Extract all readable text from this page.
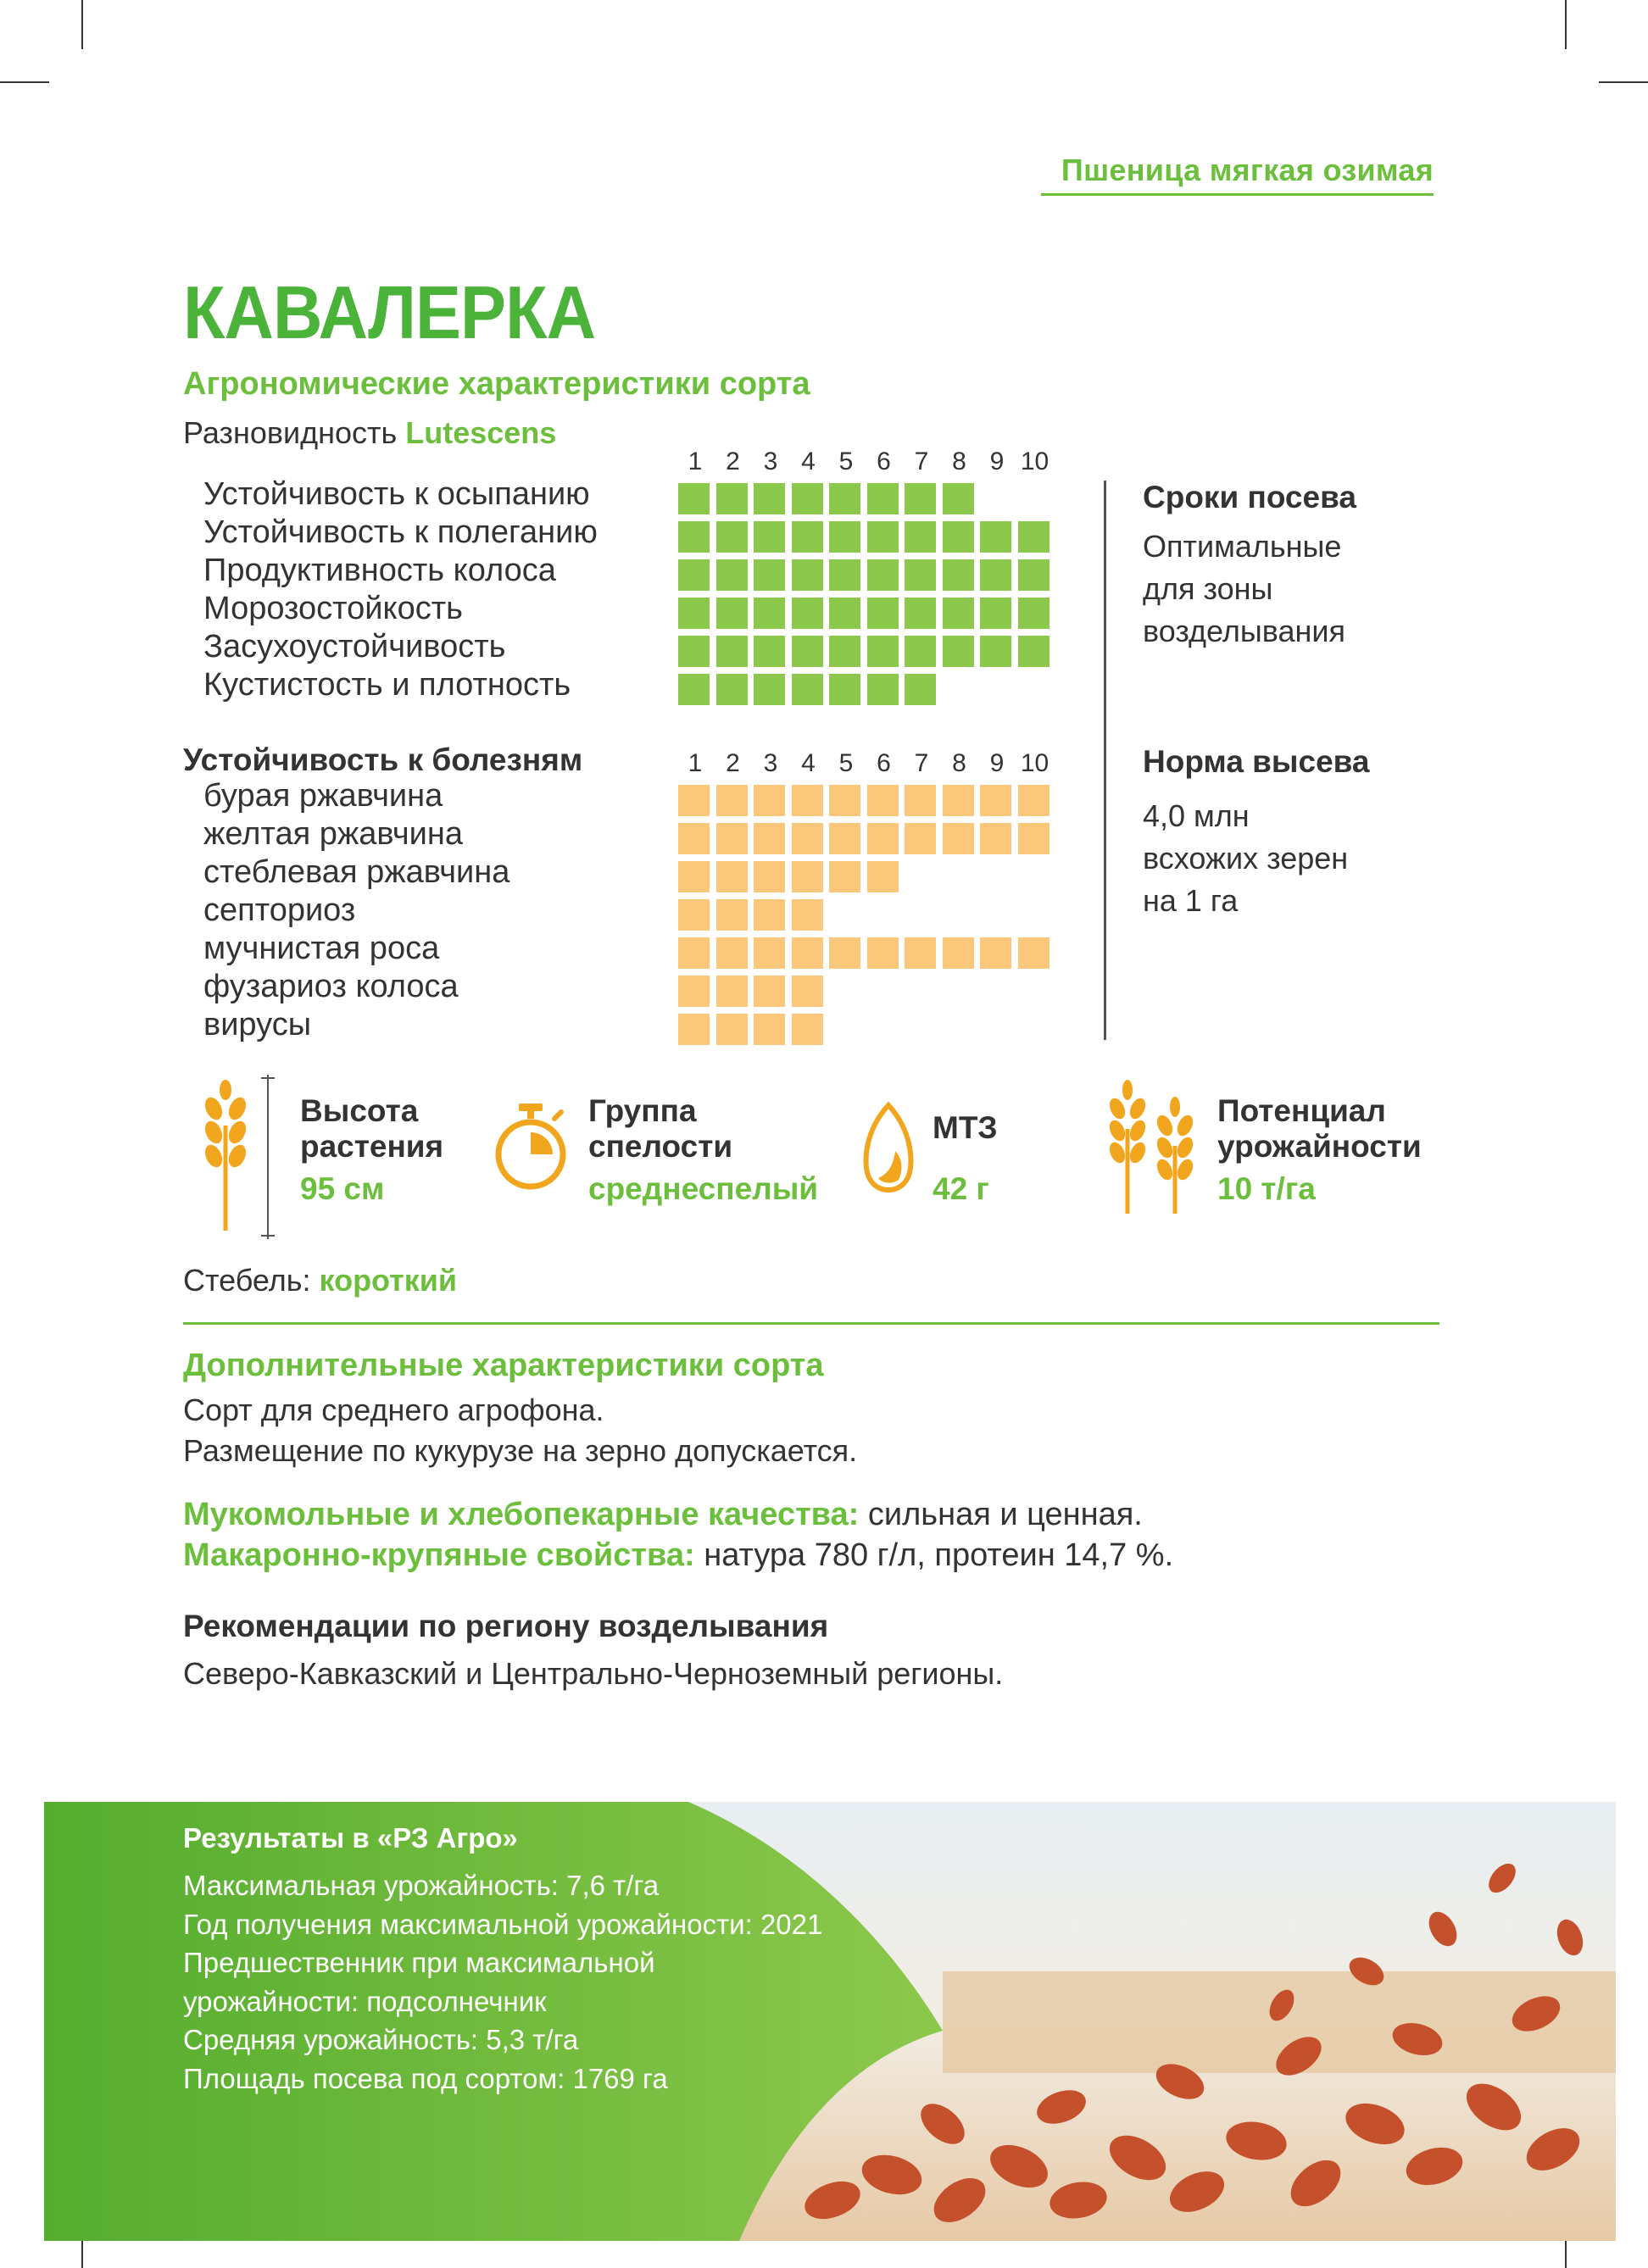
Пшеница мягкая озимая
КАВАЛЕРКА
Агрономические характеристики сорта
Разновидность Lutescens
1 2 3 4 5 6 7 8 9 10
Устойчивость к осыпанию
Устойчивость к полеганию
Продуктивность колоса
Морозостойкость
Засухоустойчивость
Кустистость и плотность
Сроки посева
Оптимальные
для зоны
возделывания
Устойчивость к болезням	1 2 3 4 5 6 7 8 9 10
бурая ржавчина
желтая ржавчина
стеблевая ржавчина
септориоз
мучнистая роса
фузариоз колоса
вирусы
Норма высева
4,0 млн
всхожих зерен
на 1 га
Высота
растения
95 см
Группа
спелости
среднеспелый
МТЗ
42 г
Потенциал
урожайности
10 т/га
Стебель: короткий
Дополнительные характеристики сорта
Сорт для среднего агрофона.
Размещение по кукурузе на зерно допускается.
Мукомольные и хлебопекарные качества: сильная и ценная.
Макаронно-крупяные свойства: натура 780 г/л, протеин 14,7 %.
Рекомендации по региону возделывания
Северо-Кавказский и Центрально-Черноземный регионы.
Результаты в «РЗ Агро»
Максимальная урожайность: 7,6 т/га
Год получения максимальной урожайности: 2021
Предшественник при максимальной
урожайности: подсолнечник
Средняя урожайность: 5,3 т/га
Площадь посева под сортом: 1769 га
